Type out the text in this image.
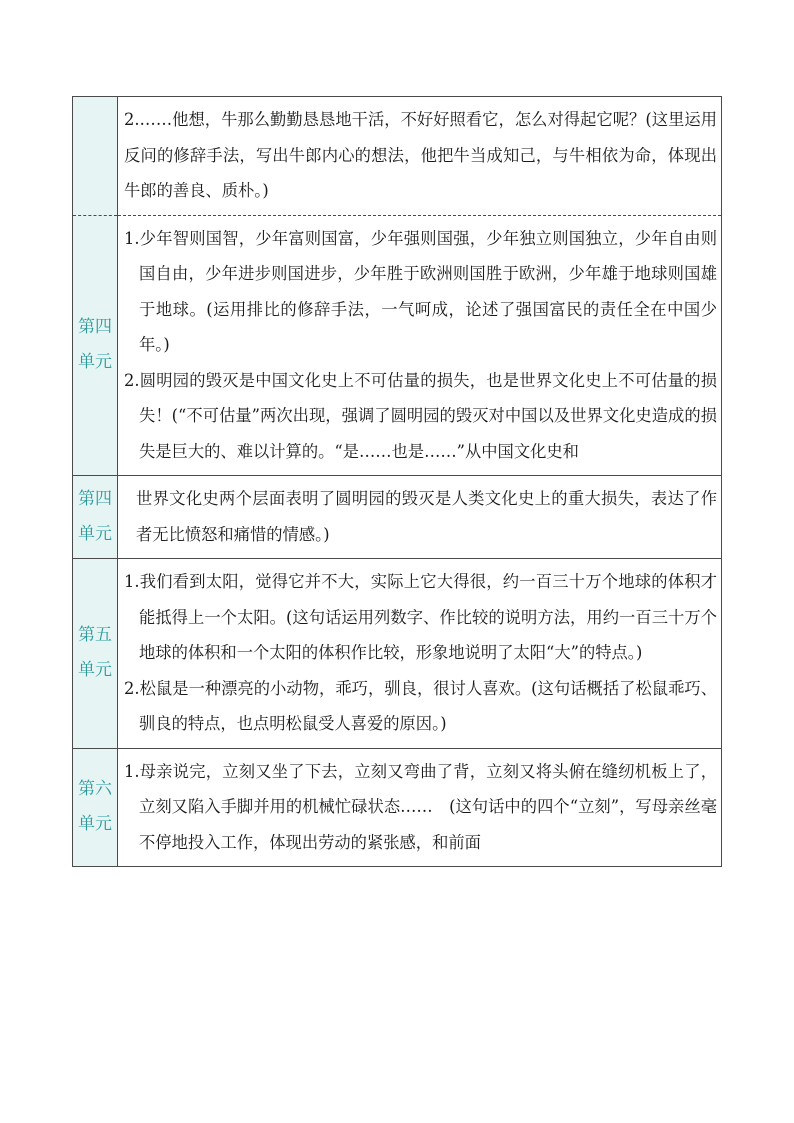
	2.……他想，牛那么勤勤恳恳地干活，不好好照看它，怎么对得起它呢？(这里运用反问的修辞手法，写出牛郎内心的想法，他把牛当成知己，与牛相依为命，体现出牛郎的善良、质朴。)

第四单元	1.少年智则国智，少年富则国富，少年强则国强，少年独立则国独立，少年自由则国自由，少年进步则国进步，少年胜于欧洲则国胜于欧洲，少年雄于地球则国雄于地球。(运用排比的修辞手法，一气呵成，论述了强国富民的责任全在中国少年。)

2.圆明园的毁灭是中国文化史上不可估量的损失，也是世界文化史上不可估量的损失！(“不可估量”两次出现，强调了圆明园的毁灭对中国以及世界文化史造成的损失是巨大的、难以计算的。“是……也是……”从中国文化史和

第四单元	世界文化史两个层面表明了圆明园的毁灭是人类文化史上的重大损失，表达了作者无比愤怒和痛惜的情感。)

第五单元	1.我们看到太阳，觉得它并不大，实际上它大得很，约一百三十万个地球的体积才能抵得上一个太阳。(这句话运用列数字、作比较的说明方法，用约一百三十万个地球的体积和一个太阳的体积作比较，形象地说明了太阳“大”的特点。)

2.松鼠是一种漂亮的小动物，乖巧，驯良，很讨人喜欢。(这句话概括了松鼠乖巧、驯良的特点，也点明松鼠受人喜爱的原因。)

第六单元	1.母亲说完，立刻又坐了下去，立刻又弯曲了背，立刻又将头俯在缝纫机板上了，立刻又陷入手脚并用的机械忙碌状态……　(这句话中的四个“立刻”，写母亲丝毫不停地投入工作，体现出劳动的紧张感，和前面
